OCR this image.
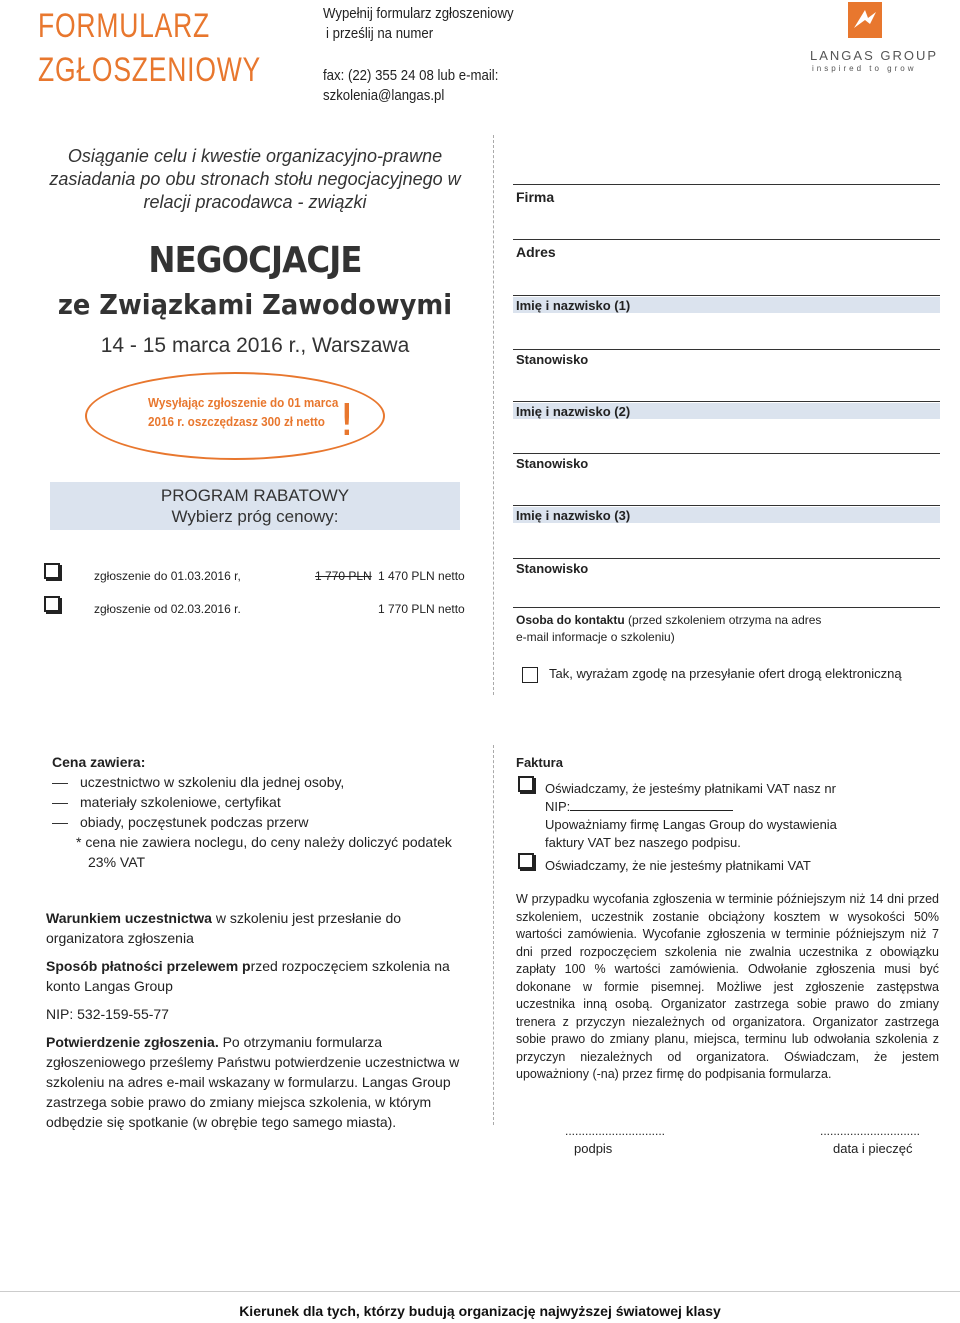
FORMULARZ
ZGŁOSZENIOWY
Wypełnij formularz zgłoszeniowy
i prześlij na numer
fax: (22) 355 24 08 lub e-mail:
szkolenia@langas.pl
LANGAS GROUP
inspired to grow
Osiąganie celu i kwestie organizacyjno-prawne zasiadania po obu stronach stołu negocjacyjnego w relacji pracodawca - związki
NEGOCJACJE
ze Związkami Zawodowymi
14 - 15 marca 2016 r., Warszawa
Wysyłając zgłoszenie do 01 marca
2016 r. oszczędzasz 300 zł netto !
PROGRAM RABATOWY
Wybierz próg cenowy:
zgłoszenie do 01.03.2016 r,	1 770 PLN 1 470 PLN netto
zgłoszenie od 02.03.2016 r.	1 770 PLN netto
Firma
Adres
Imię i nazwisko (1)
Stanowisko
Imię i nazwisko (2)
Stanowisko
Imię i nazwisko (3)
Stanowisko
Osoba do kontaktu (przed szkoleniem otrzyma na adres
e-mail informacje o szkoleniu)
Tak, wyrażam zgodę na przesyłanie ofert drogą elektroniczną
Cena zawiera:
uczestnictwo w szkoleniu dla jednej osoby,
materiały szkoleniowe, certyfikat
obiady, poczęstunek podczas przerw
* cena nie zawiera noclegu, do ceny należy doliczyć podatek
23% VAT
Faktura
Oświadczamy, że jesteśmy płatnikami VAT nasz nr
NIP:
Upoważniamy firmę Langas Group do wystawienia
faktury VAT bez naszego podpisu.
Oświadczamy, że nie jesteśmy płatnikami VAT

Warunkiem uczestnictwa w szkoleniu jest przesłanie do organizatora zgłoszenia

Sposób płatności przelewem przed rozpoczęciem szkolenia na konto Langas Group

NIP: 532-159-55-77

Potwierdzenie zgłoszenia. Po otrzymaniu formularza zgłoszeniowego prześlemy Państwu potwierdzenie uczestnictwa w szkoleniu na adres e-mail wskazany w formularzu. Langas Group zastrzega sobie prawo do zmiany miejsca szkolenia, w którym odbędzie się spotkanie (w obrębie tego samego miasta).

W przypadku wycofania zgłoszenia w terminie późniejszym niż 14 dni przed szkoleniem, uczestnik zostanie obciążony kosztem w wysokości 50% wartości zamówienia. Wycofanie zgłoszenia w terminie późniejszym niż 7 dni przed rozpoczęciem szkolenia nie zwalnia uczestnika z obowiązku zapłaty 100 % wartości zamówienia. Odwołanie zgłoszenia musi być dokonane w formie pisemnej. Możliwe jest zgłoszenie zastępstwa uczestnika inną osobą. Organizator zastrzega sobie prawo do zmiany trenera z przyczyn niezależnych od organizatora. Organizator zastrzega sobie prawo do zmiany planu, miejsca, terminu lub odwołania szkolenia z przyczyn niezależnych od organizatora. Oświadczam, że jestem upoważniony (-na) przez firmę do podpisania formularza.
..............................
podpis
..............................
data i pieczęć
Kierunek dla tych, którzy budują organizację najwyższej światowej klasy
